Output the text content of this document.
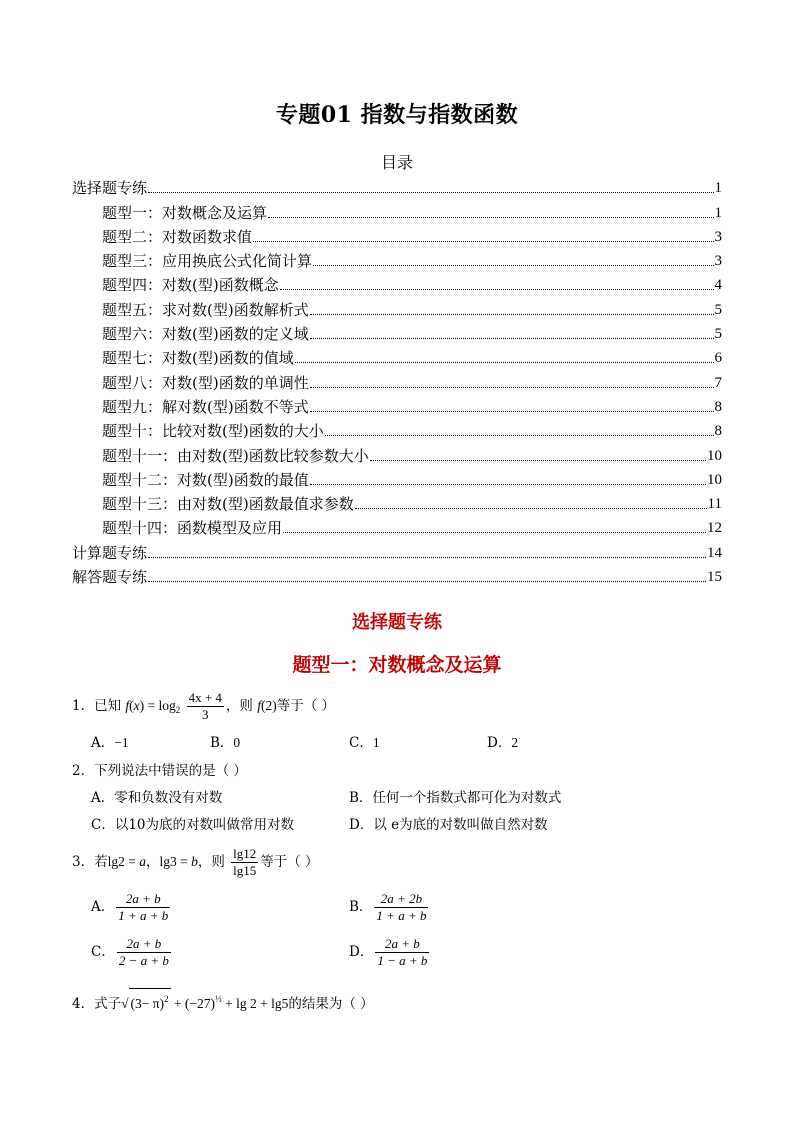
专题01 指数与指数函数
目录
选择题专练	1
题型一：对数概念及运算	1
题型二：对数函数求值	3
题型三：应用换底公式化简计算	3
题型四：对数(型)函数概念	4
题型五：求对数(型)函数解析式	5
题型六：对数(型)函数的定义域	5
题型七：对数(型)函数的值域	6
题型八：对数(型)函数的单调性	7
题型九：解对数(型)函数不等式	8
题型十：比较对数(型)函数的大小	8
题型十一：由对数(型)函数比较参数大小	10
题型十二：对数(型)函数的最值	10
题型十三：由对数(型)函数最值求参数	11
题型十四：函数模型及应用	12
计算题专练	14
解答题专练	15
选择题专练
题型一：对数概念及运算
1．已知 $f(x) = \log_2 \frac{4x + 4}{3}$ ，则 f(2)等于（ ）
A．−1	B．0	C．1	D．2
2．下列说法中错误的是（ ）
A．零和负数没有对数	B．任何一个指数式都可化为对数式
C．以10为底的对数叫做常用对数	D．以 e为底的对数叫做自然对数
3．若lg2 = a，lg3 = b，则 $\frac{\lg 12}{\lg 15}$ 等于（ ）
A． $\frac{2a + b}{1 + a + b}$	B． $\frac{2a + 2b}{1 + a + b}$
C． $\frac{2a + b}{2 - a + b}$	D． $\frac{2a + b}{1 - a + b}$
4．式子√ $(3- \pi)^2 + (-27)^{\frac{1}{3}} + \lg 2 + \lg 5$的结果为（ ）
